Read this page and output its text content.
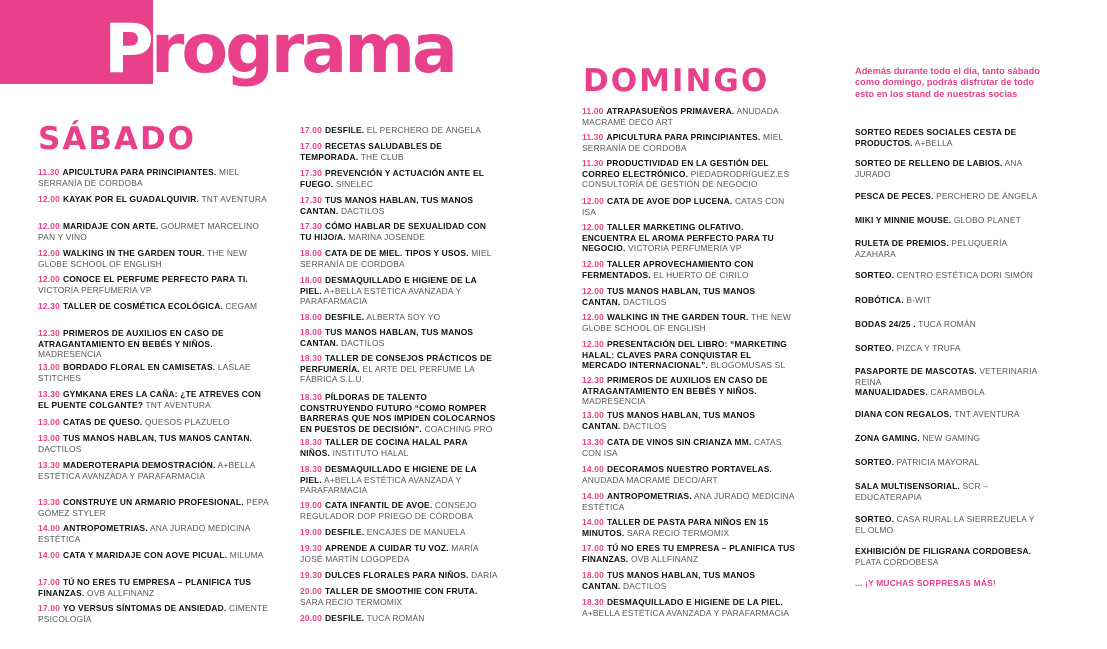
Programa
SÁBADO
DOMINGO
11.30 APICULTURA PARA PRINCIPIANTES. MIEL SERRANÍA DE CORDOBA
12.00 KAYAK POR EL GUADALQUIVIR. TNT AVENTURA
12.00 MARIDAJE CON ARTE. GOURMET MARCELINO PAN Y VINO
12.00 WALKING IN THE GARDEN TOUR. THE NEW GLOBE SCHOOL OF ENGLISH
12.00 CONOCE EL PERFUME PERFECTO PARA TI. VICTORIA PERFUMERIA VP
12.30 TALLER DE COSMÉTICA ECOLÓGICA. CEGAM
12.30 PRIMEROS DE AUXILIOS EN CASO DE ATRAGANTAMIENTO EN BEBÉS Y NIÑOS. MADRESENCIA
13.00 BORDADO FLORAL EN CAMISETAS. LASLAE STITCHES
13.30 GYMKANA ERES LA CAÑA: ¿TE ATREVES CON EL PUENTE COLGANTE? TNT AVENTURA
13.00 CATAS DE QUESO. QUESOS PLAZUELO
13.00 TUS MANOS HABLAN, TUS MANOS CANTAN. DACTILOS
13.30 MADEROTERAPIA DEMOSTRACIÓN. A+BELLA ESTÉTICA AVANZADA Y PARAFARMACIA
13.30 CONSTRUYE UN ARMARIO PROFESIONAL. PEPA GÓMEZ STYLER
14.00 ANTROPOMETRIAS. ANA JURADO MEDICINA ESTÉTICA
14.00 CATA Y MARIDAJE CON AOVE PICUAL. MILUMA
17.00 TÚ NO ERES TU EMPRESA – PLANIFICA TUS FINANZAS. OVB ALLFINANZ
17.00 YO VERSUS SÍNTOMAS DE ANSIEDAD. CIMENTE PSICOLOGÍA
17.00 DESFILE. EL PERCHERO DE ÁNGELA
17.00 RECETAS SALUDABLES DE TEMPORADA. THE CLUB
17.30 PREVENCIÓN Y ACTUACIÓN ANTE EL FUEGO. SINELEC
17.30 TUS MANOS HABLAN, TUS MANOS CANTAN. DACTILOS
17.30 CÓMO HABLAR DE SEXUALIDAD CON TU HIJO/A. MARINA JOSENDE
18.00 CATA DE DE MIEL. TIPOS Y USOS. MIEL SERRANÍA DE CORDOBA
18.00 DESMAQUILLADO E HIGIENE DE LA PIEL. A+BELLA ESTÉTICA AVANZADA Y PARAFARMACIA
18.00 DESFILE. ALBERTA SOY YO
18.00 TUS MANOS HABLAN, TUS MANOS CANTAN. DACTILOS
18.30 TALLER DE CONSEJOS PRÁCTICOS DE PERFUMERÍA. EL ARTE DEL PERFUME LA FÁBRICA S.L.U.
18.30 PÍLDORAS DE TALENTO CONSTRUYENDO FUTURO “COMO ROMPER BARRERAS QUE NOS IMPIDEN COLOCARNOS EN PUESTOS DE DECISIÓN”. COACHING PRO
18.30 TALLER DE COCINA HALAL PARA NIÑOS. INSTITUTO HALAL
18.30 DESMAQUILLADO E HIGIENE DE LA PIEL. A+BELLA ESTÉTICA AVANZADA Y PARAFARMACIA
19.00 CATA INFANTIL DE AVOE. CONSEJO REGULADOR DOP PRIEGO DE CÓRDOBA
19.00 DESFILE. ENCAJES DE MANUELA
19.30 APRENDE A CUIDAR TU VOZ. MARÍA JOSÉ MARTÍN LOGOPEDA
19.30 DULCES FLORALES PARA NIÑOS. DARIA
20.00 TALLER DE SMOOTHIE CON FRUTA. SARA RECIO TERMOMIX
20.00 DESFILE. TUCA ROMÁN
11.00 ATRAPASUEÑOS PRIMAVERA. ANUDADA MACRAMÉ DECO ART
11.30 APICULTURA PARA PRINCIPIANTES. MIEL SERRANÍA DE CORDOBA
11.30 PRODUCTIVIDAD EN LA GESTIÓN DEL CORREO ELECTRÓNICO. PIEDADRODRÍGUEZ.ES CONSULTORÍA DE GESTIÓN DE NEGOCIO
12.00 CATA DE AVOE DOP LUCENA. CATAS CON ISA
12.00 TALLER MARKETING OLFATIVO. ENCUENTRA EL AROMA PERFECTO PARA TU NEGOCIO. VICTORIA PERFUMERIA VP
12.00 TALLER APROVECHAMIENTO CON FERMENTADOS. EL HUERTO DE CIRILO
12.00 TUS MANOS HABLAN, TUS MANOS CANTAN. DACTILOS
12.00 WALKING IN THE GARDEN TOUR. THE NEW GLOBE SCHOOL OF ENGLISH
12.30 PRESENTACIÓN DEL LIBRO: “MARKETING HALAL: CLAVES PARA CONQUISTAR EL MERCADO INTERNACIONAL”. BLOGOMUSAS SL
12.30 PRIMEROS DE AUXILIOS EN CASO DE ATRAGANTAMIENTO EN BEBÉS Y NIÑOS. MADRESENCIA
13.00 TUS MANOS HABLAN, TUS MANOS CANTAN. DACTILOS
13.30 CATA DE VINOS SIN CRIANZA MM. CATAS CON ISA
14.00 DECORAMOS NUESTRO PORTAVELAS. ANUDADA MACRAMÉ DECO/ART
14.00 ANTROPOMETRIAS. ANA JURADO MEDICINA ESTÉTICA
14.00 TALLER DE PASTA PARA NIÑOS EN 15 MINUTOS. SARA RECIO TERMOMIX
17.00 TÚ NO ERES TU EMPRESA – PLANIFICA TUS FINANZAS. OVB ALLFINANZ
18.00 TUS MANOS HABLAN, TUS MANOS CANTAN. DACTILOS
18.30 DESMAQUILLADO E HIGIENE DE LA PIEL. A+BELLA ESTÉTICA AVANZADA Y PARAFARMACIA
Además durante todo el día, tanto sábado como domingo, podrás disfrutar de todo esto en los stand de nuestras socias
SORTEO REDES SOCIALES CESTA DE PRODUCTOS. A+BELLA
SORTEO DE RELLENO DE LABIOS. ANA JURADO
PESCA DE PECES. PERCHERO DE ÁNGELA
MIKI Y MINNIE MOUSE. GLOBO PLANET
RULETA DE PREMIOS. PELUQUERÍA AZAHARA
SORTEO. CENTRO ESTÉTICA DORI SIMÓN
ROBÓTICA. B-WIT
BODAS 24/25 . TUCA ROMÁN
SORTEO. PIZCA Y TRUFA
PASAPORTE DE MASCOTAS. VETERINARIA REINA
MANUALIDADES. CARAMBOLA
DIANA CON REGALOS. TNT AVENTURA
ZONA GAMING. NEW GAMING
SORTEO. PATRICIA MAYORAL
SALA MULTISENSORIAL. SCR – EDUCATERAPIA
SORTEO. CASA RURAL LA SIERREZUELA Y EL OLMO
EXHIBICIÓN DE FILIGRANA CORDOBESA. PLATA CORDOBESA
... ¡Y MUCHAS SORPRESAS MÁS!
